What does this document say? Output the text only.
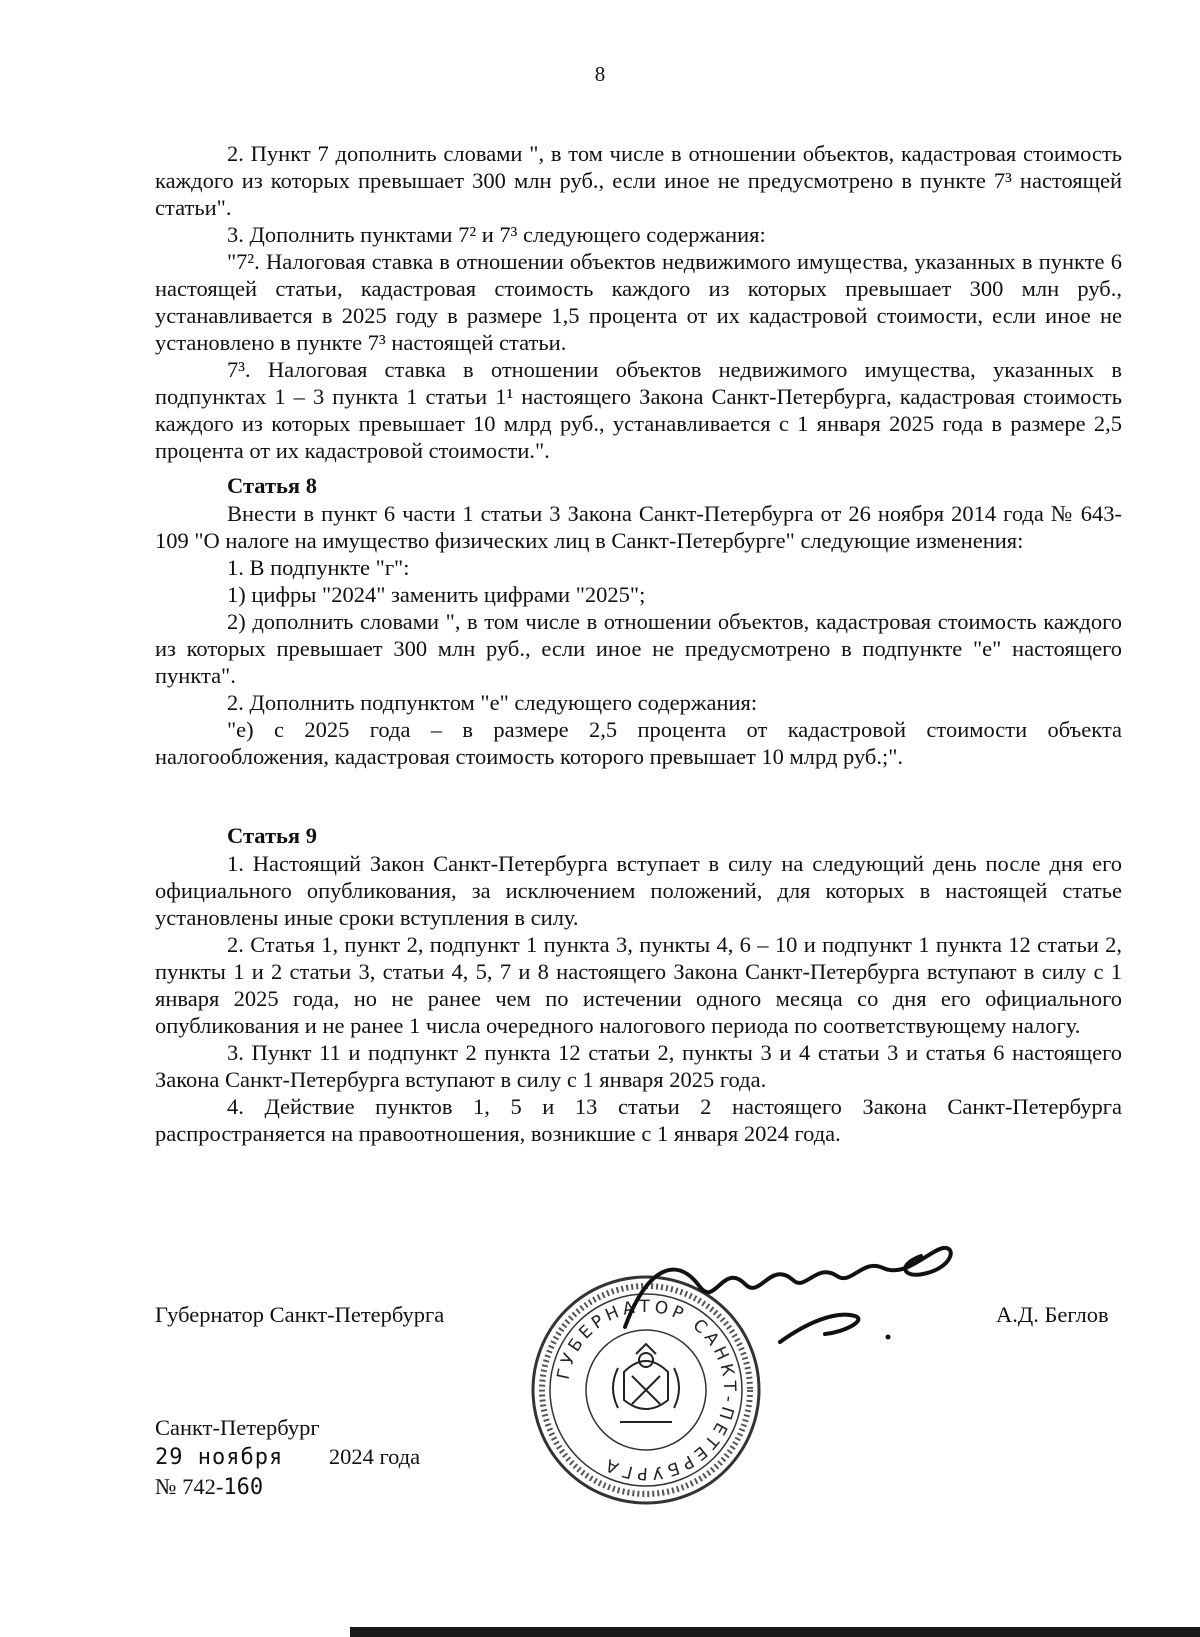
8

2. Пункт 7 дополнить словами ", в том числе в отношении объектов, кадастровая стоимость каждого из которых превышает 300 млн руб., если иное не предусмотрено в пункте 7³ настоящей статьи".

3. Дополнить пунктами 7² и 7³ следующего содержания:

"7². Налоговая ставка в отношении объектов недвижимого имущества, указанных в пункте 6 настоящей статьи, кадастровая стоимость каждого из которых превышает 300 млн руб., устанавливается в 2025 году в размере 1,5 процента от их кадастровой стоимости, если иное не установлено в пункте 7³ настоящей статьи.

7³. Налоговая ставка в отношении объектов недвижимого имущества, указанных в подпунктах 1 – 3 пункта 1 статьи 1¹ настоящего Закона Санкт-Петербурга, кадастровая стоимость каждого из которых превышает 10 млрд руб., устанавливается с 1 января 2025 года в размере 2,5 процента от их кадастровой стоимости.".

Статья 8

Внести в пункт 6 части 1 статьи 3 Закона Санкт-Петербурга от 26 ноября 2014 года № 643-109 "О налоге на имущество физических лиц в Санкт-Петербурге" следующие изменения:

1. В подпункте "г":

1) цифры "2024" заменить цифрами "2025";

2) дополнить словами ", в том числе в отношении объектов, кадастровая стоимость каждого из которых превышает 300 млн руб., если иное не предусмотрено в подпункте "е" настоящего пункта".

2. Дополнить подпунктом "е" следующего содержания:

"е) с 2025 года – в размере 2,5 процента от кадастровой стоимости объекта налогообложения, кадастровая стоимость которого превышает 10 млрд руб.;".

Статья 9

1. Настоящий Закон Санкт-Петербурга вступает в силу на следующий день после дня его официального опубликования, за исключением положений, для которых в настоящей статье установлены иные сроки вступления в силу.

2. Статья 1, пункт 2, подпункт 1 пункта 3, пункты 4, 6 – 10 и подпункт 1 пункта 12 статьи 2, пункты 1 и 2 статьи 3, статьи 4, 5, 7 и 8 настоящего Закона Санкт-Петербурга вступают в силу с 1 января 2025 года, но не ранее чем по истечении одного месяца со дня его официального опубликования и не ранее 1 числа очередного налогового периода по соответствующему налогу.

3. Пункт 11 и подпункт 2 пункта 12 статьи 2, пункты 3 и 4 статьи 3 и статья 6 настоящего Закона Санкт-Петербурга вступают в силу с 1 января 2025 года.

4. Действие пунктов 1, 5 и 13 статьи 2 настоящего Закона Санкт-Петербурга распространяется на правоотношения, возникшие с 1 января 2024 года.

Губернатор Санкт-Петербурга	А.Д. Беглов
ГУБЕРНАТОР САНКТ-ПЕТЕРБУРГА
Санкт-Петербург
29 ноября 2024 года
№ 742-160
